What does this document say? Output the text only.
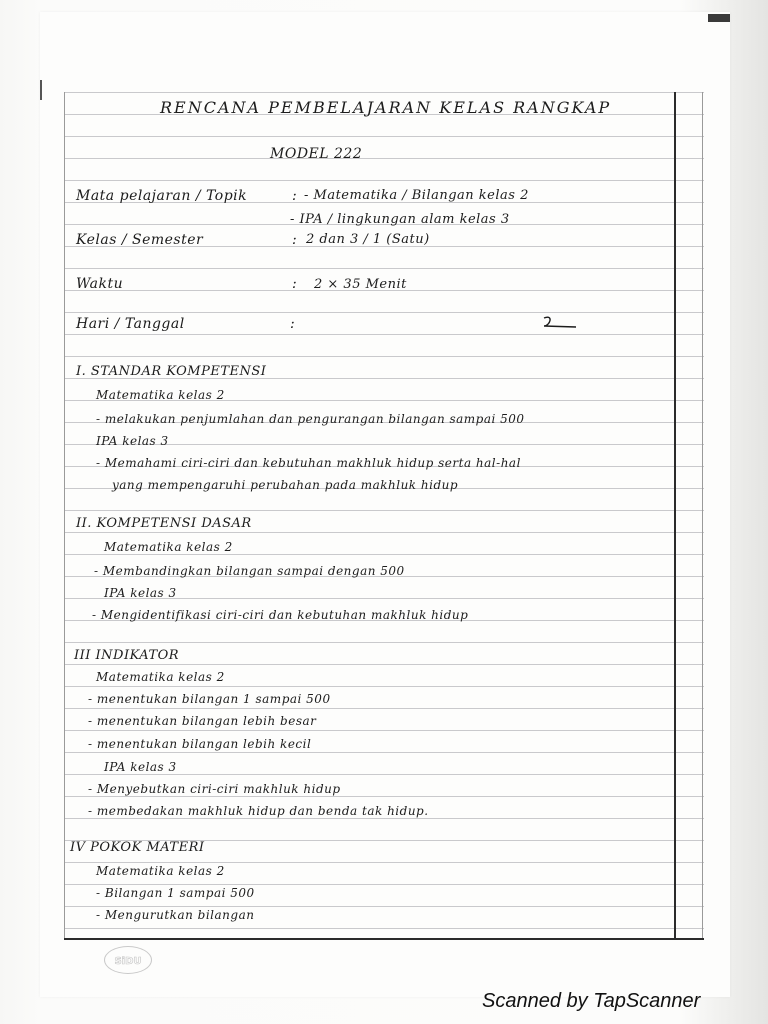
RENCANA PEMBELAJARAN KELAS RANGKAP
MODEL 222
Mata pelajaran / Topik	: - Matematika / Bilangan kelas 2
- IPA / lingkungan alam kelas 3
Kelas / Semester	: 2 dan 3 / 1 (Satu)
Waktu	: 2 × 35 Menit
Hari / Tanggal	:
I. STANDAR KOMPETENSI
Matematika kelas 2
- melakukan penjumlahan dan pengurangan bilangan sampai 500
IPA kelas 3
- Memahami ciri-ciri dan kebutuhan makhluk hidup serta hal-hal
yang mempengaruhi perubahan pada makhluk hidup
II. KOMPETENSI DASAR
Matematika kelas 2
- Membandingkan bilangan sampai dengan 500
IPA kelas 3
- Mengidentifikasi ciri-ciri dan kebutuhan makhluk hidup
III INDIKATOR
Matematika kelas 2
- menentukan bilangan 1 sampai 500
- menentukan bilangan lebih besar
- menentukan bilangan lebih kecil
IPA kelas 3
- Menyebutkan ciri-ciri makhluk hidup
- membedakan makhluk hidup dan benda tak hidup.
IV POKOK MATERI
Matematika kelas 2
- Bilangan 1 sampai 500
- Mengurutkan bilangan
SiDU
Scanned by TapScanner
